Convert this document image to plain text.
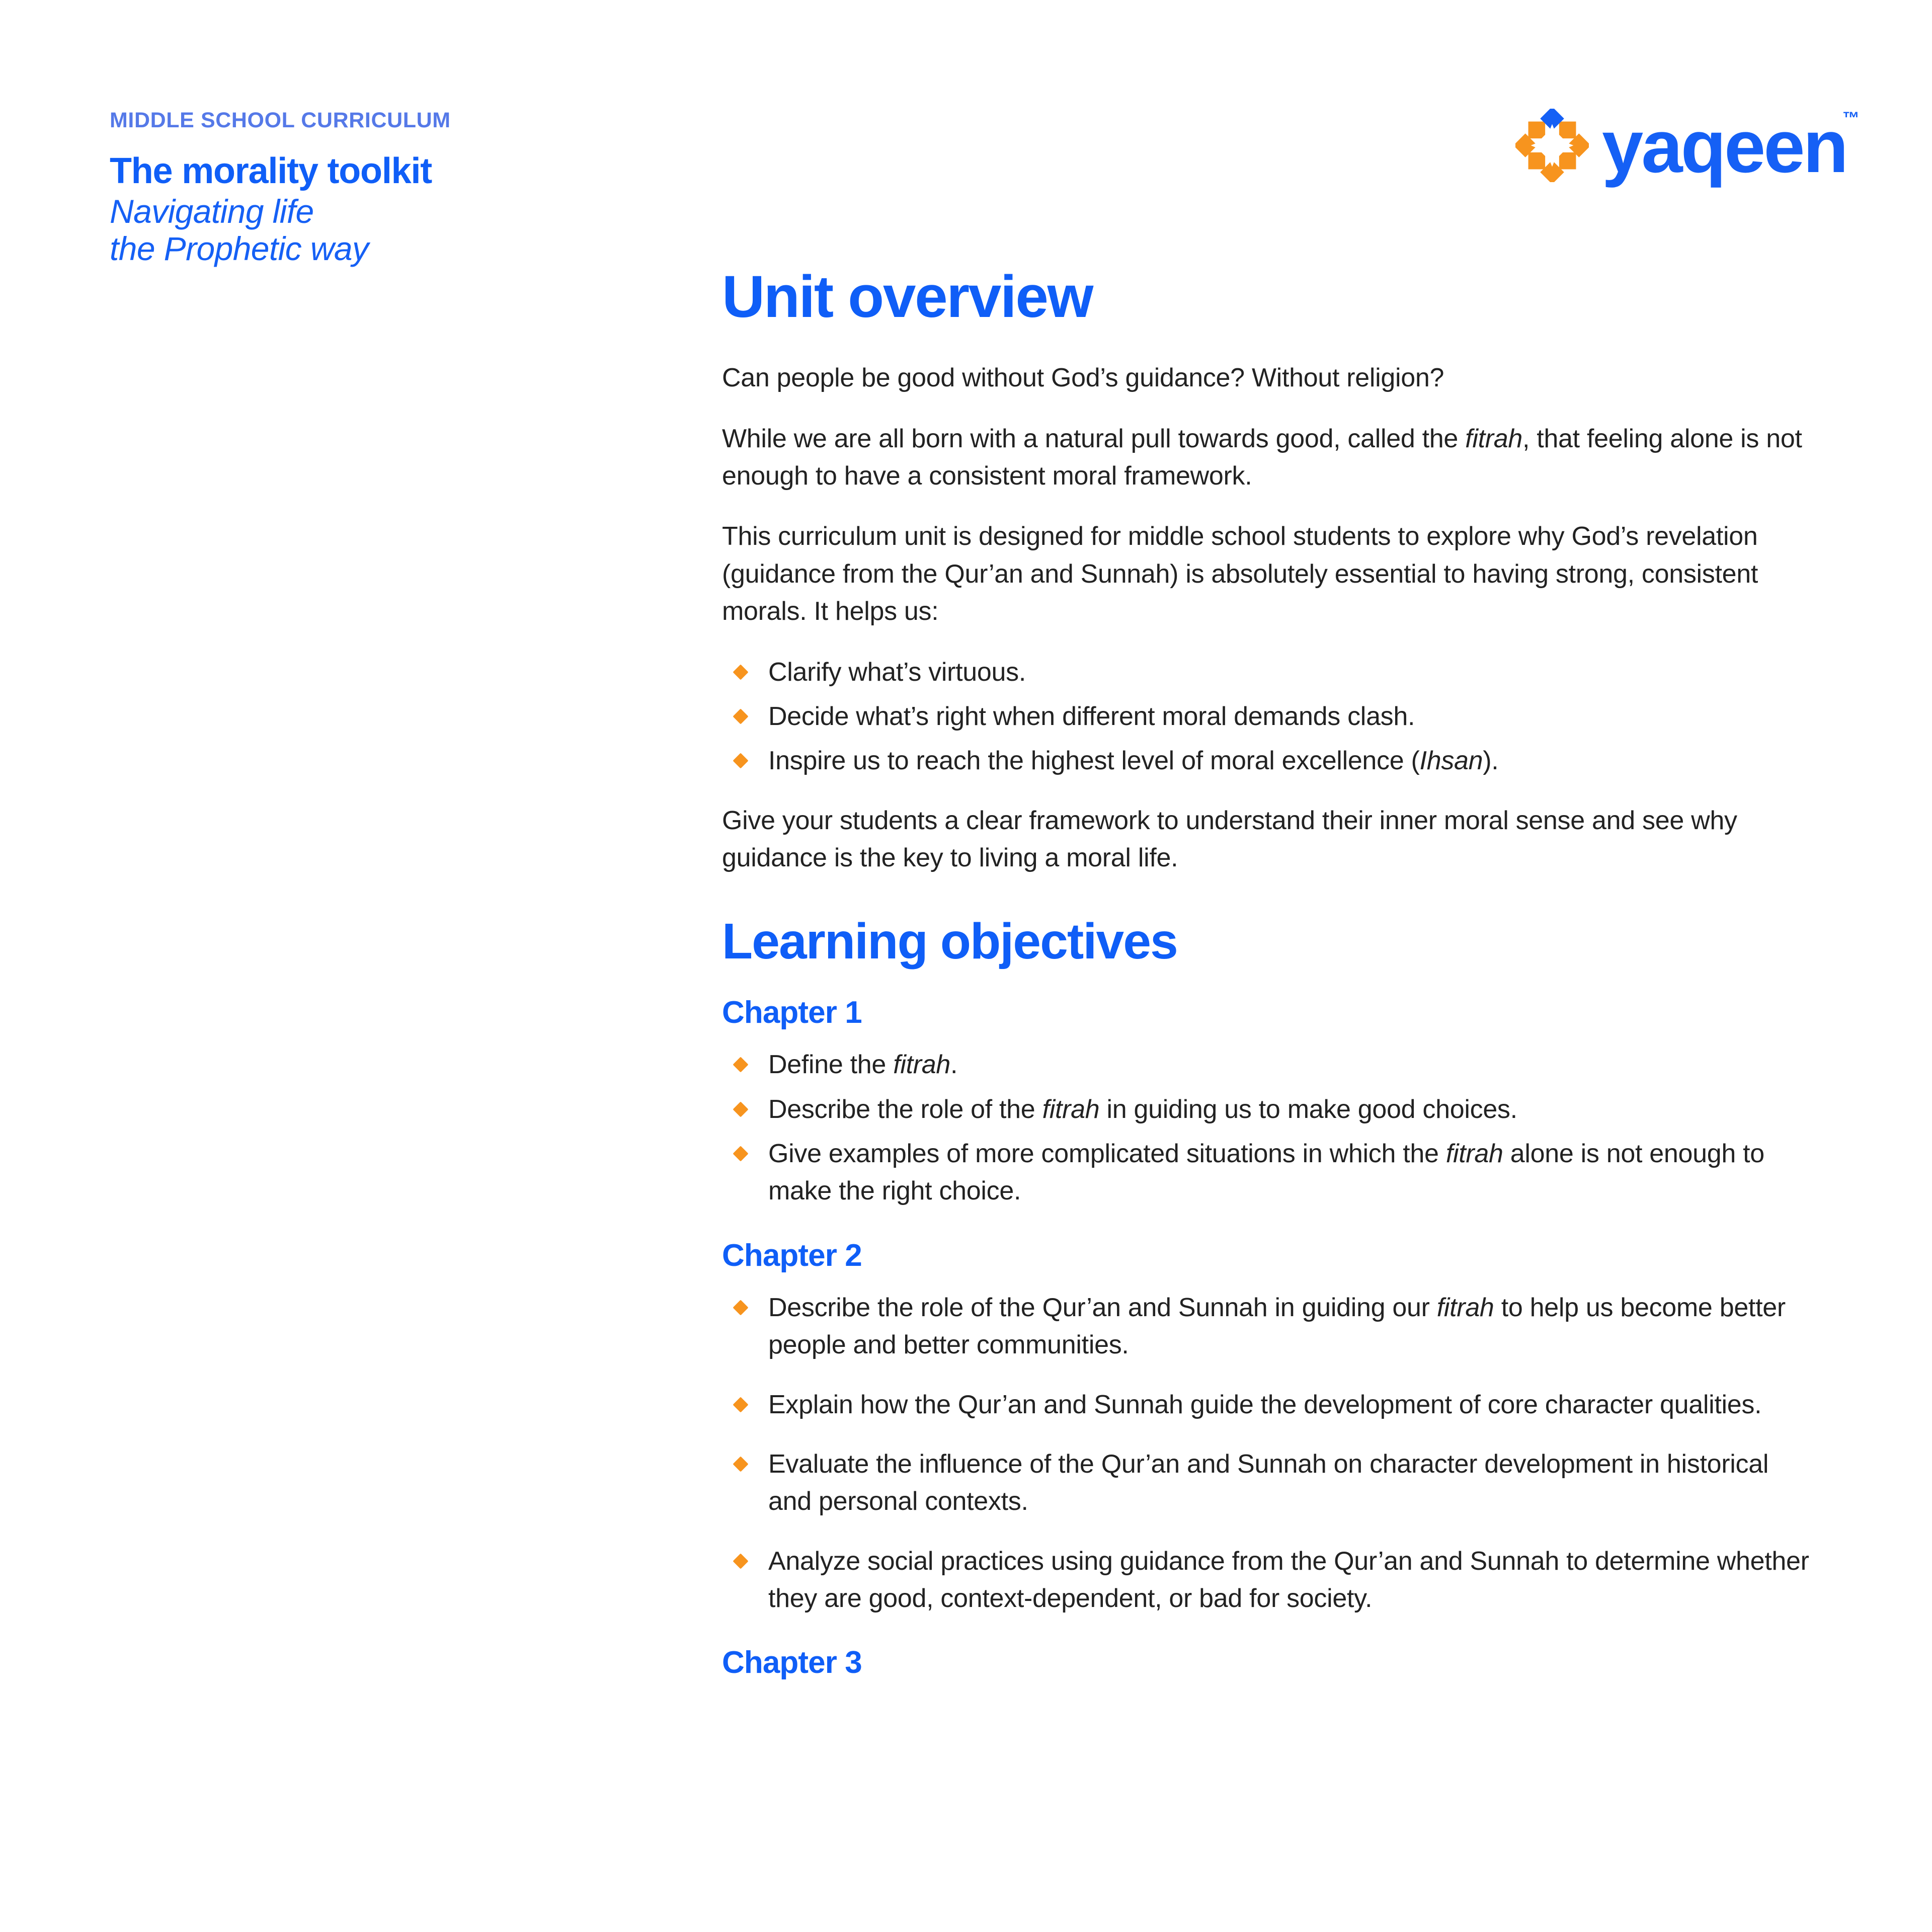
MIDDLE SCHOOL CURRICULUM
The morality toolkit
Navigating life
the Prophetic way
yaqeen
™
Unit overview

Can people be good without God’s guidance? Without religion?

While we are all born with a natural pull towards good, called the fitrah, that feeling alone is not enough to have a consistent moral framework.

This curriculum unit is designed for middle school students to explore why God’s revelation (guidance from the Qur’an and Sunnah) is absolutely essential to having strong, consistent morals. It helps us:

Clarify what’s virtuous.
Decide what’s right when different moral demands clash.
Inspire us to reach the highest level of moral excellence (Ihsan).

Give your students a clear framework to understand their inner moral sense and see why guidance is the key to living a moral life.

Learning objectives
Chapter 1
Define the fitrah.
Describe the role of the fitrah in guiding us to make good choices.
Give examples of more complicated situations in which the fitrah alone is not enough to make the right choice.
Chapter 2
Describe the role of the Qur’an and Sunnah in guiding our fitrah to help us become better people and better communities.
Explain how the Qur’an and Sunnah guide the development of core character qualities.
Evaluate the influence of the Qur’an and Sunnah on character development in historical and personal contexts.
Analyze social practices using guidance from the Qur’an and Sunnah to determine whether they are good, context-dependent, or bad for society.
Chapter 3
